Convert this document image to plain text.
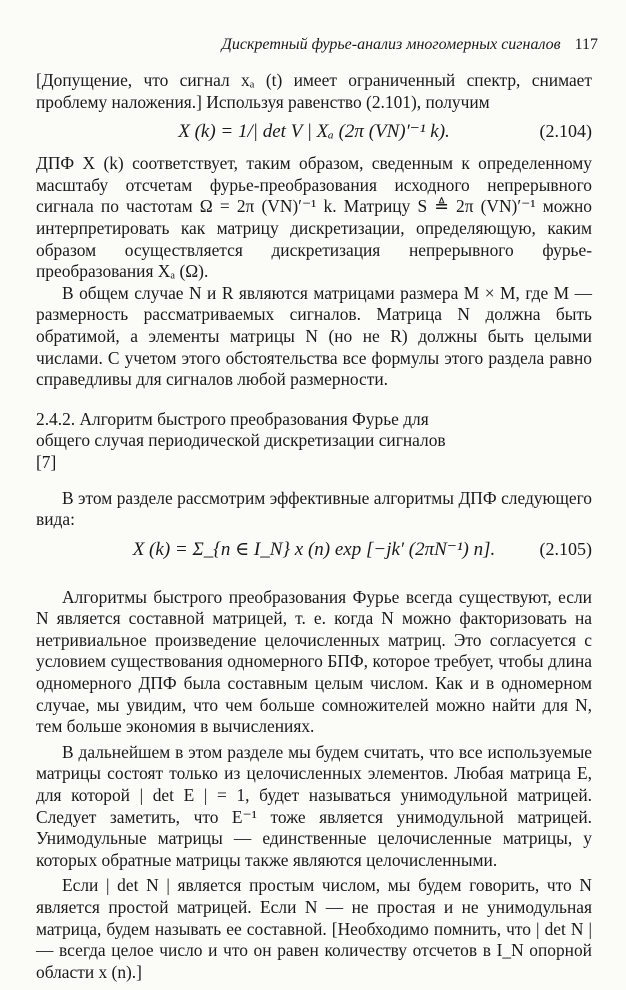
Дискретный фурье-анализ многомерных сигналов 117

[Допущение, что сигнал xₐ (t) имеет ограниченный спектр, снимает проблему наложения.] Используя равенство (2.101), получим

X (k) = 1/| det V | Xₐ (2π (VN)′⁻¹ k).	(2.104)

ДПФ X (k) соответствует, таким образом, сведенным к определенному масштабу отсчетам фурье-преобразования исходного непрерывного сигнала по частотам Ω = 2π (VN)′⁻¹ k. Матрицу S ≜ 2π (VN)′⁻¹ можно интерпретировать как матрицу дискретизации, определяющую, каким образом осуществляется дискретизация непрерывного фурье-преобразования Xₐ (Ω).

В общем случае N и R являются матрицами размера M × M, где M — размерность рассматриваемых сигналов. Матрица N должна быть обратимой, а элементы матрицы N (но не R) должны быть целыми числами. С учетом этого обстоятельства все формулы этого раздела равно справедливы для сигналов любой размерности.

2.4.2. Алгоритм быстрого преобразования Фурье для общего случая периодической дискретизации сигналов [7]

В этом разделе рассмотрим эффективные алгоритмы ДПФ следующего вида:

X (k) = Σ_{n ∈ I_N} x (n) exp [−jk′ (2πN⁻¹) n].	(2.105)

Алгоритмы быстрого преобразования Фурье всегда существуют, если N является составной матрицей, т. е. когда N можно факторизовать на нетривиальное произведение целочисленных матриц. Это согласуется с условием существования одномерного БПФ, которое требует, чтобы длина одномерного ДПФ была составным целым числом. Как и в одномерном случае, мы увидим, что чем больше сомножителей можно найти для N, тем больше экономия в вычислениях.

В дальнейшем в этом разделе мы будем считать, что все используемые матрицы состоят только из целочисленных элементов. Любая матрица E, для которой | det E | = 1, будет называться унимодульной матрицей. Следует заметить, что E⁻¹ тоже является унимодульной матрицей. Унимодульные матрицы — единственные целочисленные матрицы, у которых обратные матрицы также являются целочисленными.

Если | det N | является простым числом, мы будем говорить, что N является простой матрицей. Если N — не простая и не унимодульная матрица, будем называть ее составной. [Необходимо помнить, что | det N | — всегда целое число и что он равен количеству отсчетов в I_N опорной области x (n).]
